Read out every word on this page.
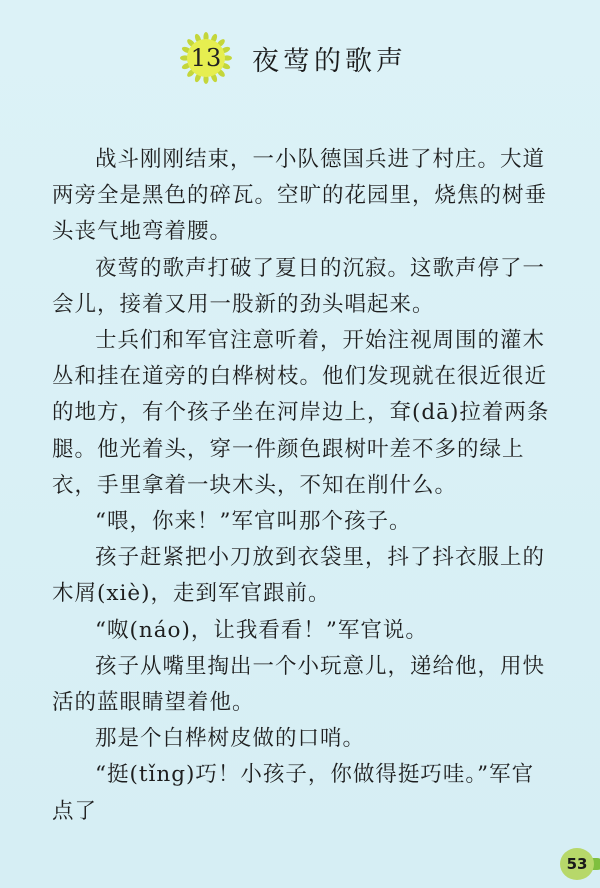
13	夜莺的歌声

战斗刚刚结束，一小队德国兵进了村庄。大道两旁全是黑色的碎瓦。空旷的花园里，烧焦的树垂头丧气地弯着腰。

夜莺的歌声打破了夏日的沉寂。这歌声停了一会儿，接着又用一股新的劲头唱起来。

士兵们和军官注意听着，开始注视周围的灌木丛和挂在道旁的白桦树枝。他们发现就在很近很近的地方，有个孩子坐在河岸边上，耷(dā)拉着两条腿。他光着头，穿一件颜色跟树叶差不多的绿上衣，手里拿着一块木头，不知在削什么。

“喂，你来！”军官叫那个孩子。

孩子赶紧把小刀放到衣袋里，抖了抖衣服上的木屑(xiè)，走到军官跟前。

“呶(náo)，让我看看！”军官说。

孩子从嘴里掏出一个小玩意儿，递给他，用快活的蓝眼睛望着他。

那是个白桦树皮做的口哨。

“挺(tǐng)巧！小孩子，你做得挺巧哇。”军官点了

53
